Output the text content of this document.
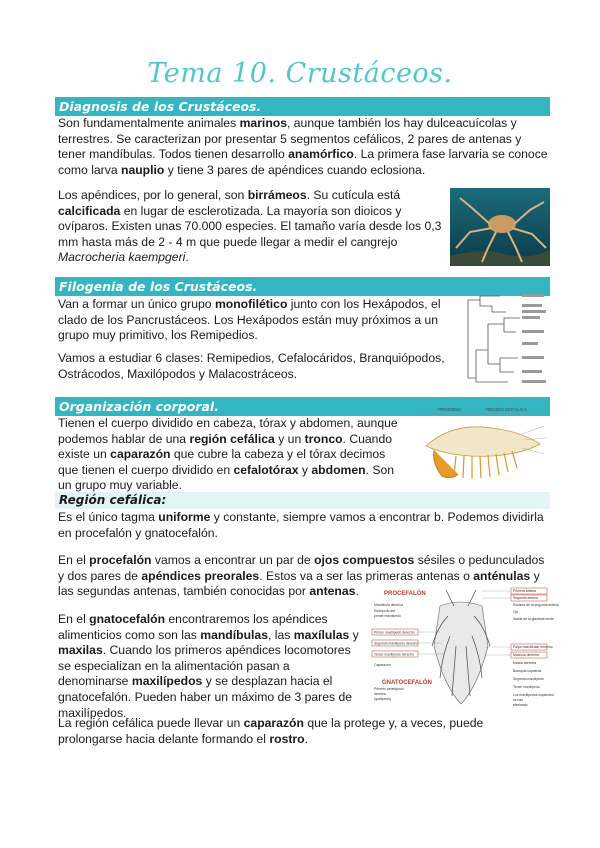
Tema 10. Crustáceos.
Diagnosis de los Crustáceos.

Son fundamentalmente animales marinos, aunque también los hay dulceacuícolas y terrestres. Se caracterizan por presentar 5 segmentos cefálicos, 2 pares de antenas y tener mandíbulas. Todos tienen desarrollo anamórfico. La primera fase larvaria se conoce como larva nauplio y tiene 3 pares de apéndices cuando eclosiona.

Los apéndices, por lo general, son birrámeos. Su cutícula está calcificada en lugar de esclerotizada. La mayoría son dioicos y ovíparos. Existen unas 70.000 especies. El tamaño varía desde los 0,3 mm hasta más de 2 - 4 m que puede llegar a medir el cangrejo Macrocheria kaempgeri.

Filogenia de los Crustáceos.

Van a formar un único grupo monofilético junto con los Hexápodos, el clado de los Pancrustáceos. Los Hexápodos están muy próximos a un grupo muy primitivo, los Remipedios.

Vamos a estudiar 6 clases: Remipedios, Cefalocáridos, Branquiópodos, Ostrácodos, Maxilópodos y Malacostráceos.

Organización corporal.

Tienen el cuerpo dividido en cabeza, tórax y abdomen, aunque podemos hablar de una región cefálica y un tronco. Cuando existe un caparazón que cubre la cabeza y el tórax decimos que tienen el cuerpo dividido en cefalotórax y abdomen. Son un grupo muy variable.

PROSOMA	REGIÓN CEFÁLICA
Región cefálica:

Es el único tagma uniforme y constante, siempre vamos a encontrar b. Podemos dividirla en procefalón y gnatocefalón.

En el procefalón vamos a encontrar un par de ojos compuestos sésiles o pedunculados y dos pares de apéndices preorales. Estos va a ser las primeras antenas o anténulas y las segundas antenas, también conocidas por antenas.

En el gnatocefalón encontraremos los apéndices alimenticios como son las mandíbulas, las maxílulas y maxilas. Cuando los primeros apéndices locomotores se especializan en la alimentación pasan a denominarse maxilípedos y se desplazan hacia el gnatocefalón. Pueden haber un máximo de 3 pares de maxilípedos.

La región cefálica puede llevar un caparazón que la protege y, a veces, puede prolongarse hacia delante formando el rostro.

PROCEFALÓN
GNATOCEFALÓN
Mandíbula derecha
Endópodo del
primer maxilípedo
Primer maxilípedo derecho
Segundo maxilípedo derecho
Tercer maxilípedo derecho
Caparazón
Primero pereiópodo
derecho
(quelípedo)
Primera antena
Segunda antena
Escama de la segunda antena
Ojo
Salida de la glándula verde
Palpo mandibular derecho
Maxílula derecha
Maxila derecha
Branquia izquierda
Segundo maxilípedo
Tercer maxilípedo
Los maxilípedos izquierdos
se han
eliminado
